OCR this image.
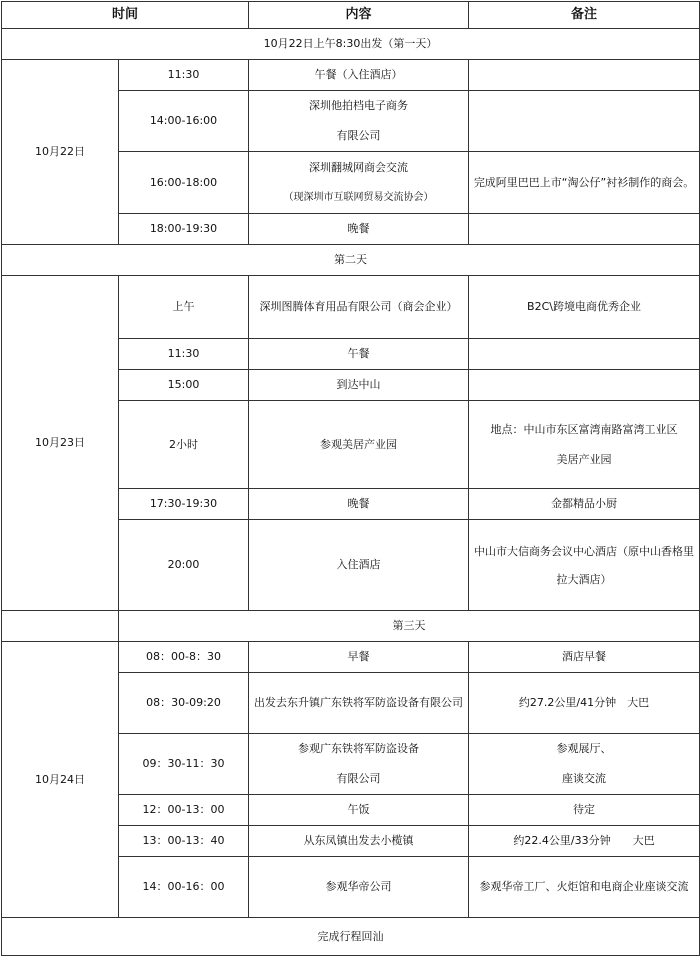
时间		内容	备注
10月22日上午8:30出发（第一天）			
10月22日	11:30	午餐（入住酒店）	
	14:00-16:00	深圳他拍档电子商务
有限公司	

	16:00-18:00	深圳翻城网商会交流
（现深圳市互联网贸易交流协会）	完成阿里巴巴上市“淘公仔”衬衫制作的商会。
	18:00-19:30	晚餐	
第二天			
10月23日	上午	深圳图腾体育用品有限公司（商会企业）	B2C\跨境电商优秀企业
	11:30	午餐	
	15:00	到达中山	
	2小时	参观美居产业园	地点：中山市东区富湾南路富湾工业区
美居产业园

	17:30-19:30	晚餐	金都精品小厨
	20:00	入住酒店	中山市大信商务会议中心酒店（原中山香格里拉大酒店）
	第三天		
10月24日	08：00-8：30	早餐	酒店早餐
	08：30-09:20	出发去东升镇广东铁将军防盗设备有限公司	约27.2公里/41分钟　大巴
	09：30-11：30	参观广东铁将军防盗设备
有限公司	参观展厅、
座谈交流

	12：00-13：00	午饭	待定
	13：00-13：40	从东凤镇出发去小榄镇	约22.4公里/33分钟　　大巴
	14：00-16：00	参观华帝公司	参观华帝工厂、火炬馆和电商企业座谈交流
完成行程回汕			
